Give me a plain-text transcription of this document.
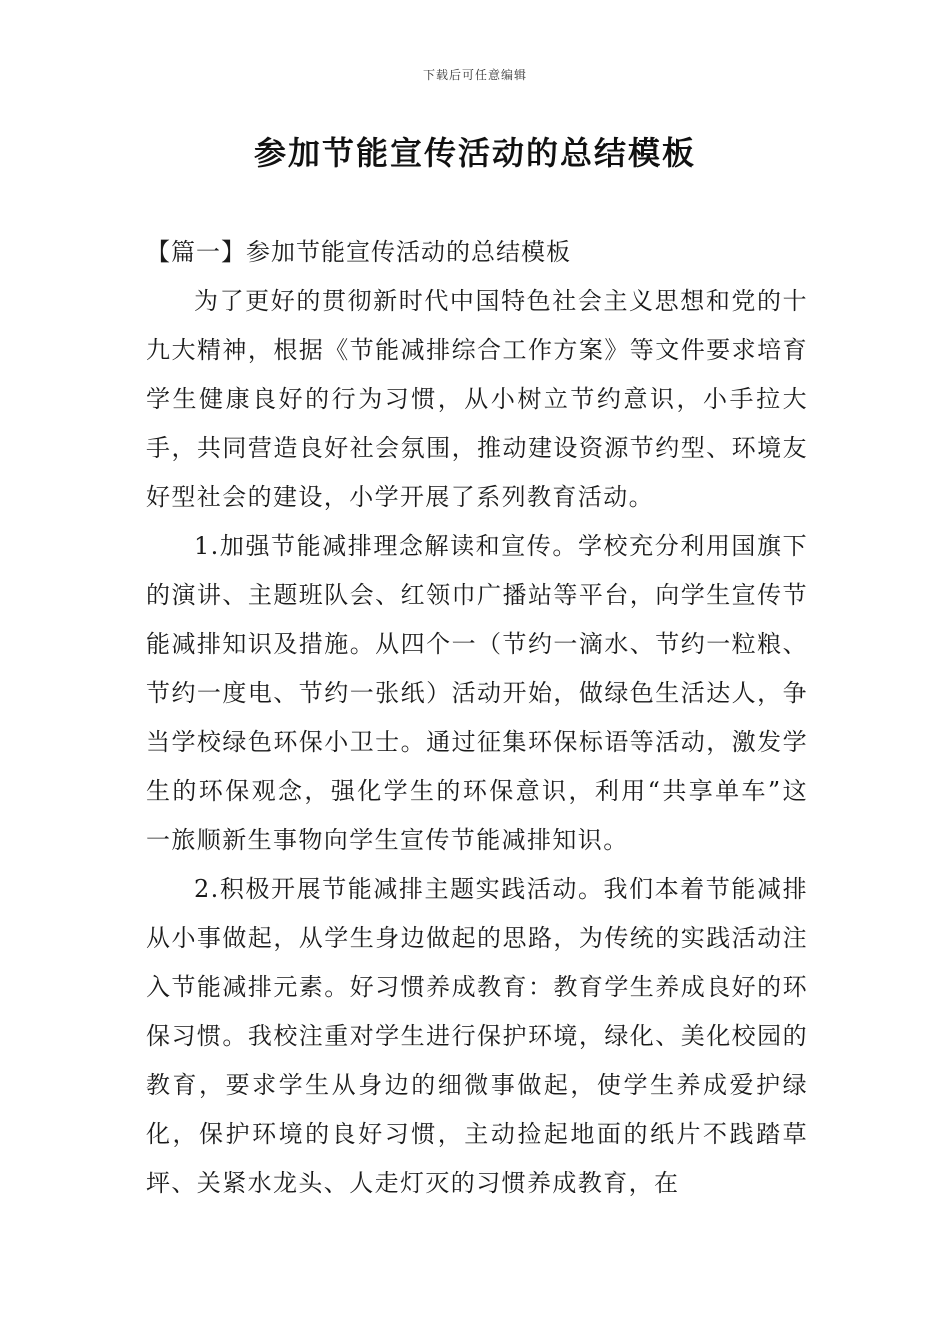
下载后可任意编辑
参加节能宣传活动的总结模板

【篇一】参加节能宣传活动的总结模板

为了更好的贯彻新时代中国特色社会主义思想和党的十九大精神，根据《节能减排综合工作方案》等文件要求培育学生健康良好的行为习惯，从小树立节约意识，小手拉大手，共同营造良好社会氛围，推动建设资源节约型、环境友好型社会的建设，小学开展了系列教育活动。

1.加强节能减排理念解读和宣传。学校充分利用国旗下的演讲、主题班队会、红领巾广播站等平台，向学生宣传节能减排知识及措施。从四个一（节约一滴水、节约一粒粮、节约一度电、节约一张纸）活动开始，做绿色生活达人，争当学校绿色环保小卫士。通过征集环保标语等活动，激发学生的环保观念，强化学生的环保意识，利用“共享单车”这一旅顺新生事物向学生宣传节能减排知识。

2.积极开展节能减排主题实践活动。我们本着节能减排从小事做起，从学生身边做起的思路，为传统的实践活动注入节能减排元素。好习惯养成教育：教育学生养成良好的环保习惯。我校注重对学生进行保护环境，绿化、美化校园的教育，要求学生从身边的细微事做起，使学生养成爱护绿化，保护环境的良好习惯，主动捡起地面的纸片不践踏草坪、关紧水龙头、人走灯灭的习惯养成教育，在
